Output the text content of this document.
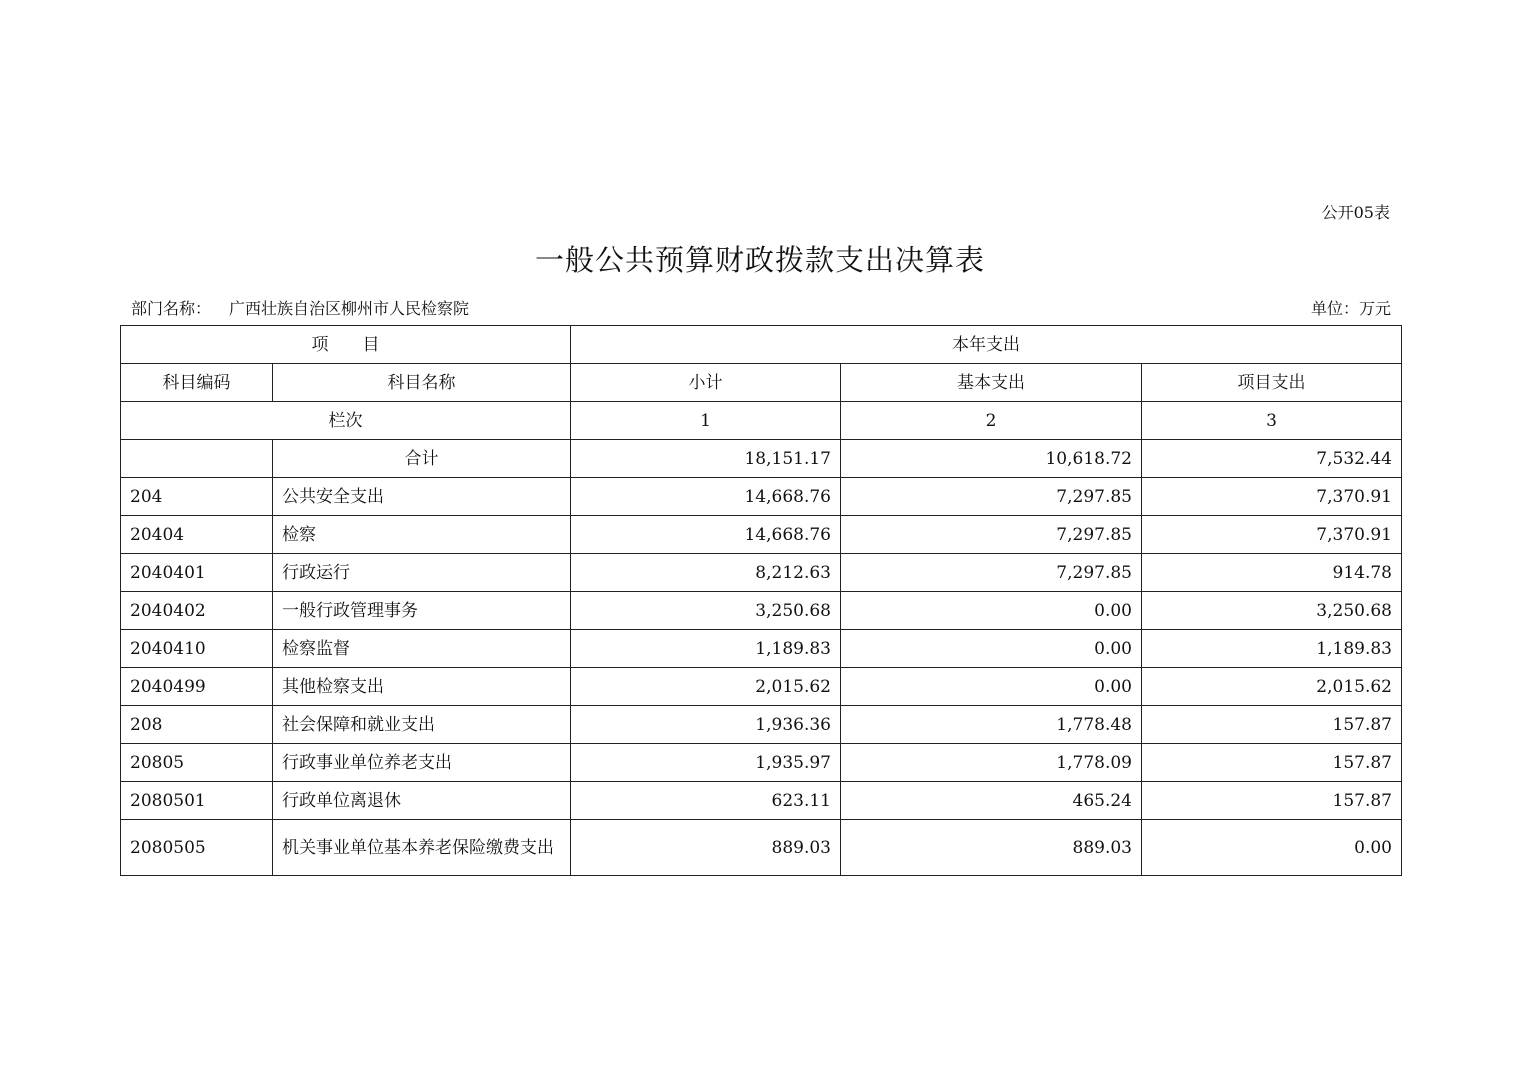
公开05表
一般公共预算财政拨款支出决算表
部门名称： 广西壮族自治区柳州市人民检察院	单位：万元
项　　目		本年支出		
科目编码	科目名称	小计	基本支出	项目支出
栏次		1	2	3
	合计	18,151.17	10,618.72	7,532.44
204	公共安全支出	14,668.76	7,297.85	7,370.91
20404	检察	14,668.76	7,297.85	7,370.91
2040401	行政运行	8,212.63	7,297.85	914.78
2040402	一般行政管理事务	3,250.68	0.00	3,250.68
2040410	检察监督	1,189.83	0.00	1,189.83
2040499	其他检察支出	2,015.62	0.00	2,015.62
208	社会保障和就业支出	1,936.36	1,778.48	157.87
20805	行政事业单位养老支出	1,935.97	1,778.09	157.87
2080501	行政单位离退休	623.11	465.24	157.87
2080505	机关事业单位基本养老保险缴费支出	889.03	889.03	0.00
